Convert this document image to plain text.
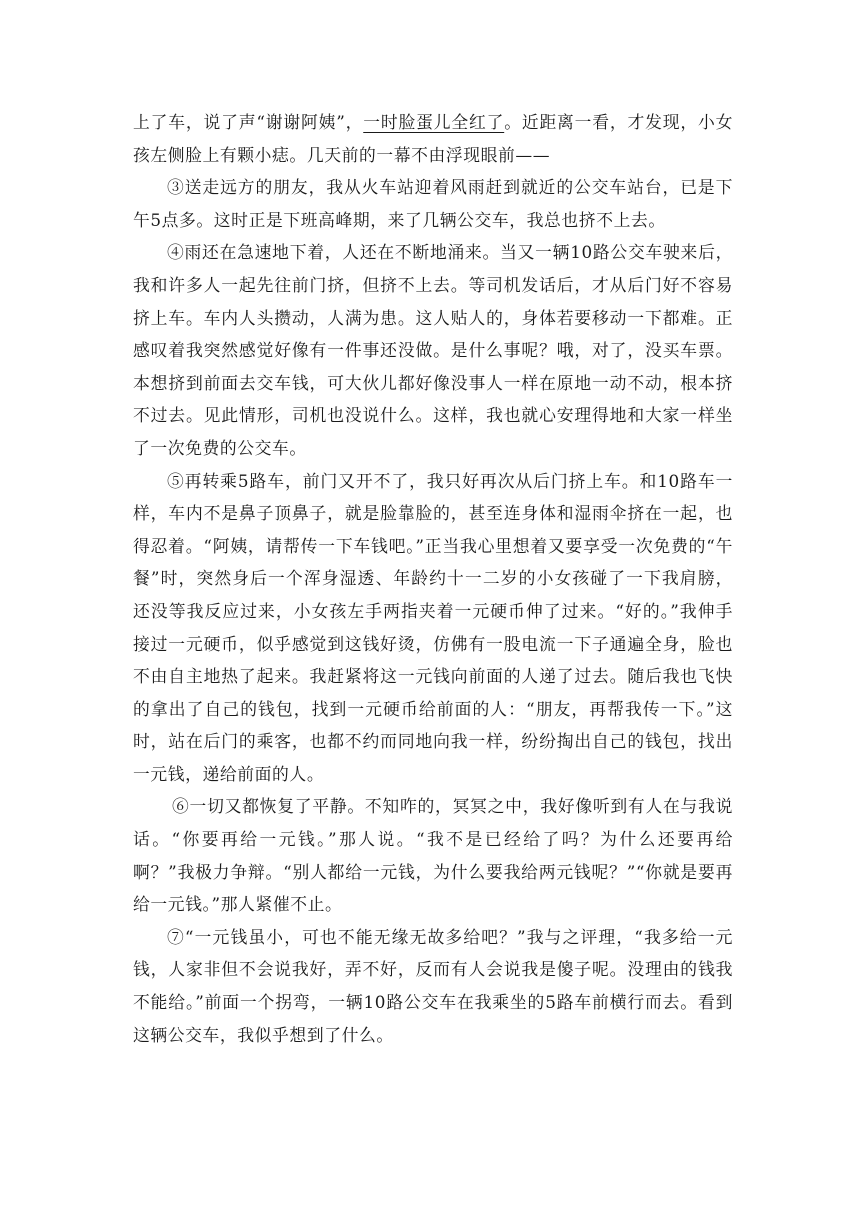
上了车，说了声“谢谢阿姨”，一时脸蛋儿全红了。近距离一看，才发现，小女孩左侧脸上有颗小痣。几天前的一幕不由浮现眼前——

③送走远方的朋友，我从火车站迎着风雨赶到就近的公交车站台，已是下午5点多。这时正是下班高峰期，来了几辆公交车，我总也挤不上去。

④雨还在急速地下着，人还在不断地涌来。当又一辆10路公交车驶来后，我和许多人一起先往前门挤，但挤不上去。等司机发话后，才从后门好不容易挤上车。车内人头攒动，人满为患。这人贴人的，身体若要移动一下都难。正感叹着我突然感觉好像有一件事还没做。是什么事呢？哦，对了，没买车票。本想挤到前面去交车钱，可大伙儿都好像没事人一样在原地一动不动，根本挤不过去。见此情形，司机也没说什么。这样，我也就心安理得地和大家一样坐了一次免费的公交车。

⑤再转乘5路车，前门又开不了，我只好再次从后门挤上车。和10路车一样，车内不是鼻子顶鼻子，就是脸靠脸的，甚至连身体和湿雨伞挤在一起，也得忍着。“阿姨，请帮传一下车钱吧。”正当我心里想着又要享受一次免费的“午餐”时，突然身后一个浑身湿透、年龄约十一二岁的小女孩碰了一下我肩膀，还没等我反应过来，小女孩左手两指夹着一元硬币伸了过来。“好的。”我伸手接过一元硬币，似乎感觉到这钱好烫，仿佛有一股电流一下子通遍全身，脸也不由自主地热了起来。我赶紧将这一元钱向前面的人递了过去。随后我也飞快的拿出了自己的钱包，找到一元硬币给前面的人：“朋友，再帮我传一下。”这时，站在后门的乘客，也都不约而同地向我一样，纷纷掏出自己的钱包，找出一元钱，递给前面的人。

⑥一切又都恢复了平静。不知咋的，冥冥之中，我好像听到有人在与我说话。“你要再给一元钱。”那人说。“我不是已经给了吗？为什么还要再给啊？”我极力争辩。“别人都给一元钱，为什么要我给两元钱呢？”“你就是要再给一元钱。”那人紧催不止。

⑦“一元钱虽小，可也不能无缘无故多给吧？”我与之评理，“我多给一元钱，人家非但不会说我好，弄不好，反而有人会说我是傻子呢。没理由的钱我不能给。”前面一个拐弯，一辆10路公交车在我乘坐的5路车前横行而去。看到这辆公交车，我似乎想到了什么。
